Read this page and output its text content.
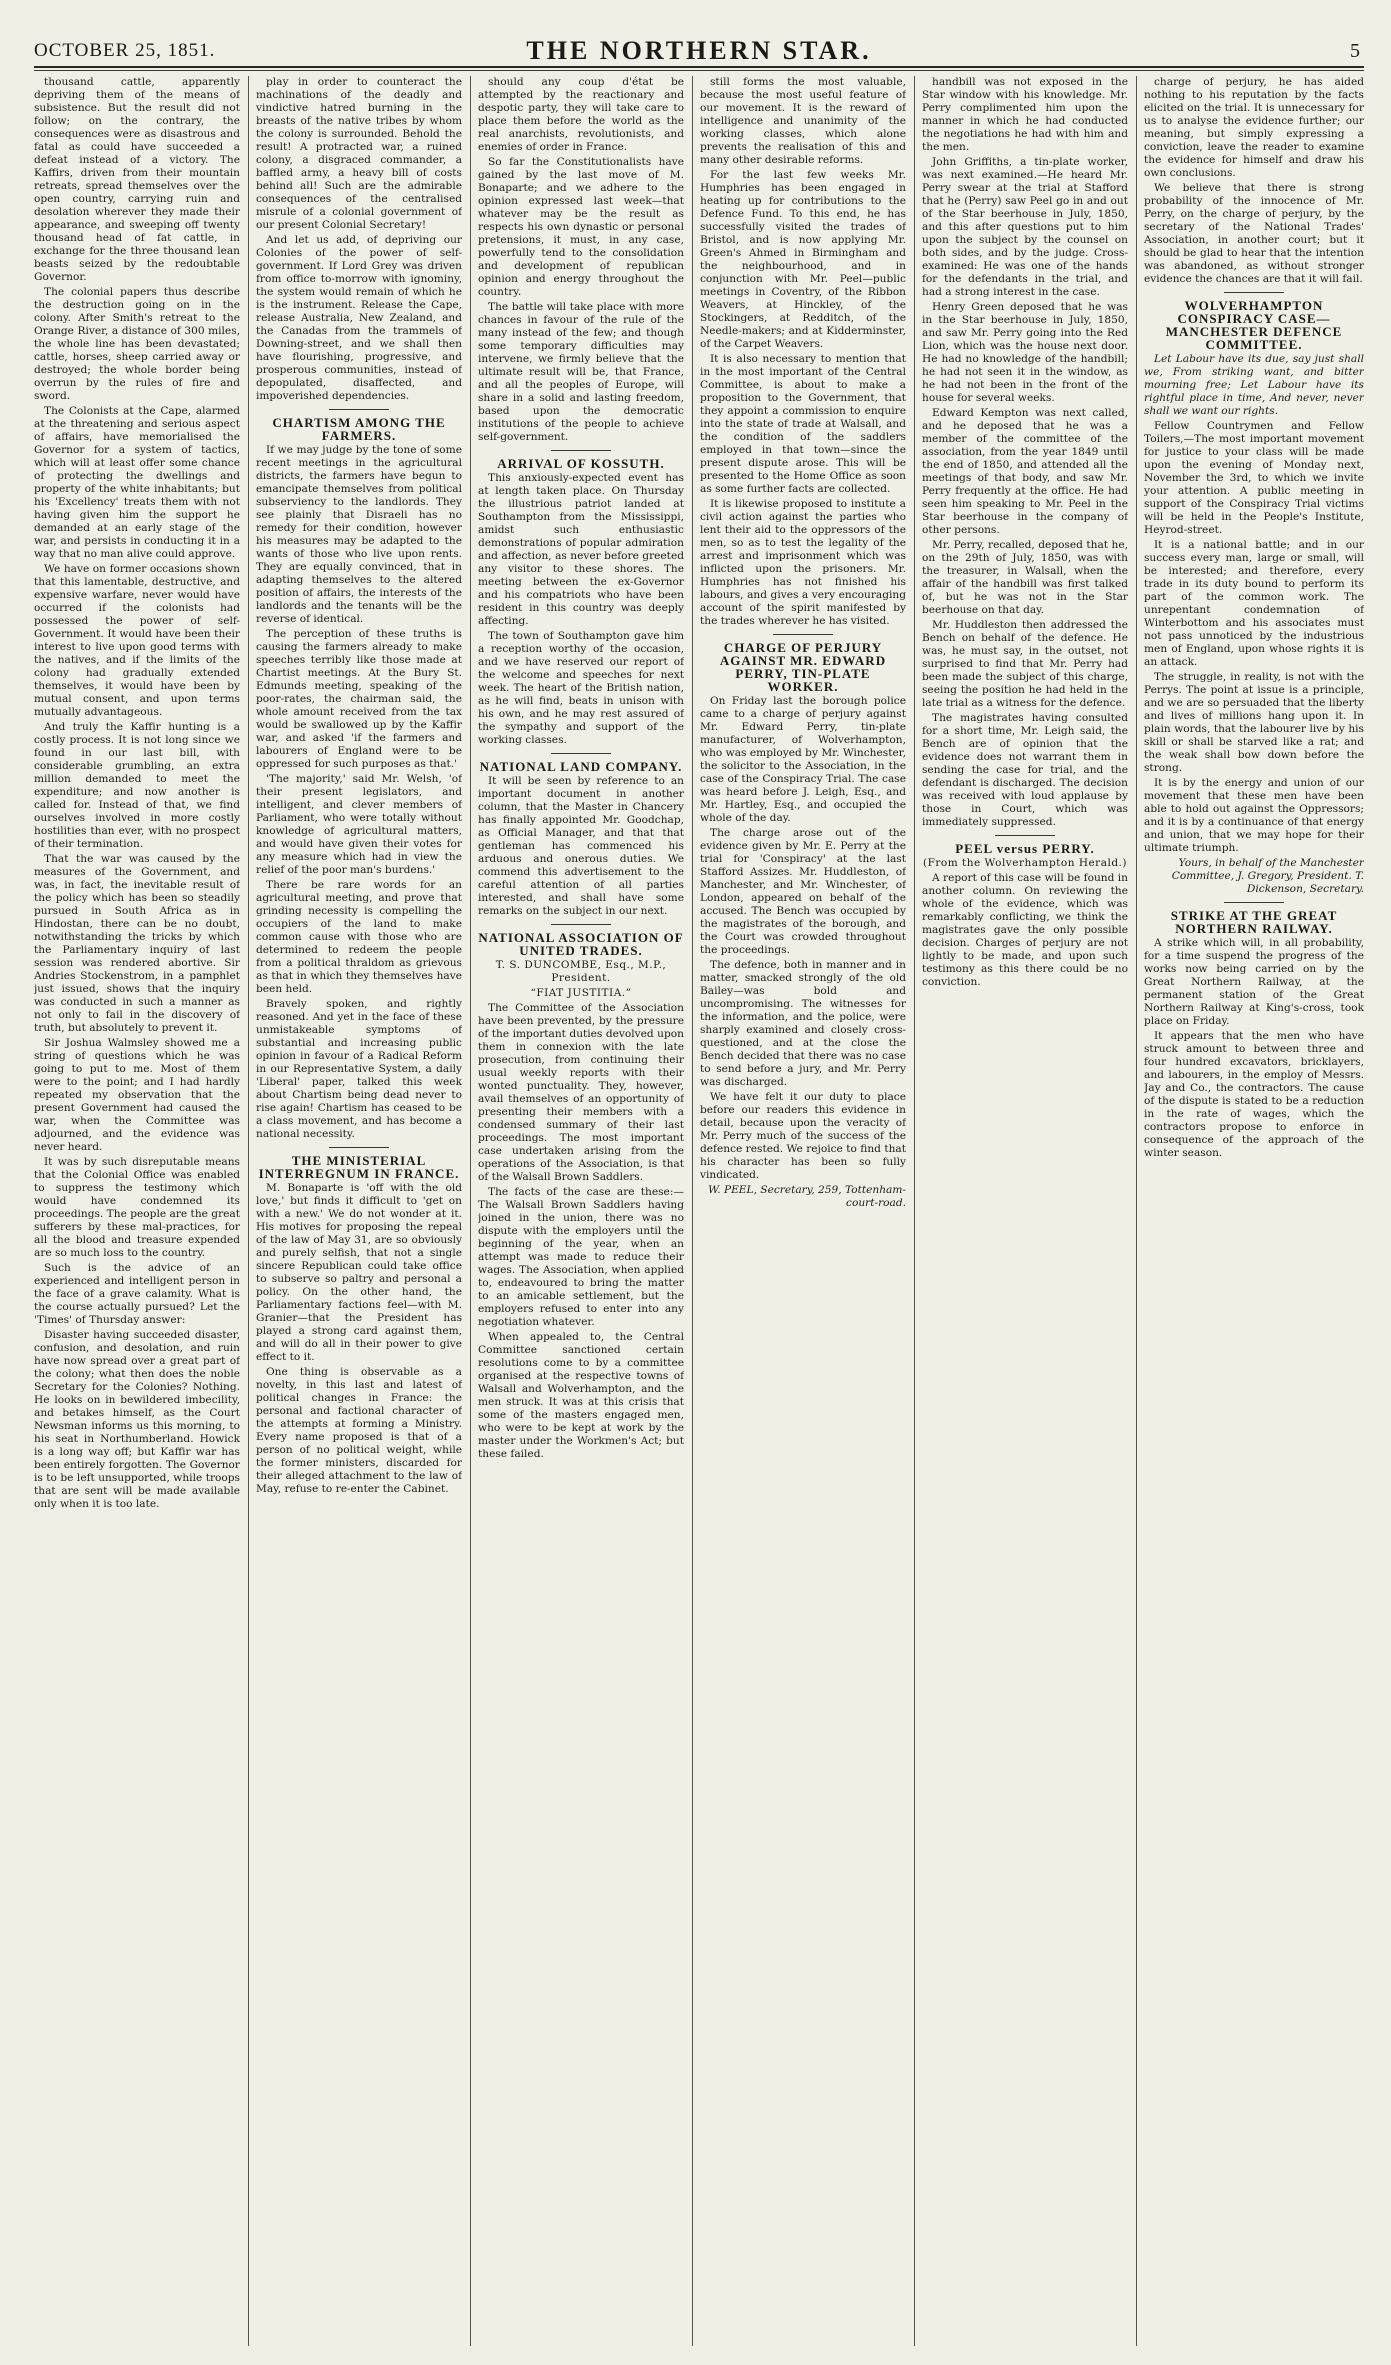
OCTOBER 25, 1851.	THE NORTHERN STAR.	5

thousand cattle, apparently depriving them of the means of subsistence. But the result did not follow; on the contrary, the consequences were as disastrous and fatal as could have succeeded a defeat instead of a victory. The Kaffirs, driven from their mountain retreats, spread themselves over the open country, carrying ruin and desolation wherever they made their appearance, and sweeping off twenty thousand head of fat cattle, in exchange for the three thousand lean beasts seized by the redoubtable Governor.

The colonial papers thus describe the destruction going on in the colony. After Smith's retreat to the Orange River, a distance of 300 miles, the whole line has been devastated; cattle, horses, sheep carried away or destroyed; the whole border being overrun by the rules of fire and sword.

The Colonists at the Cape, alarmed at the threatening and serious aspect of affairs, have memorialised the Governor for a system of tactics, which will at least offer some chance of protecting the dwellings and property of the white inhabitants; but his 'Excellency' treats them with not having given him the support he demanded at an early stage of the war, and persists in conducting it in a way that no man alive could approve.

We have on former occasions shown that this lamentable, destructive, and expensive warfare, never would have occurred if the colonists had possessed the power of self-Government. It would have been their interest to live upon good terms with the natives, and if the limits of the colony had gradually extended themselves, it would have been by mutual consent, and upon terms mutually advantageous.

And truly the Kaffir hunting is a costly process. It is not long since we found in our last bill, with considerable grumbling, an extra million demanded to meet the expenditure; and now another is called for. Instead of that, we find ourselves involved in more costly hostilities than ever, with no prospect of their termination.

That the war was caused by the measures of the Government, and was, in fact, the inevitable result of the policy which has been so steadily pursued in South Africa as in Hindostan, there can be no doubt, notwithstanding the tricks by which the Parliamentary inquiry of last session was rendered abortive. Sir Andries Stockenstrom, in a pamphlet just issued, shows that the inquiry was conducted in such a manner as not only to fail in the discovery of truth, but absolutely to prevent it.

Sir Joshua Walmsley showed me a string of questions which he was going to put to me. Most of them were to the point; and I had hardly repeated my observation that the present Government had caused the war, when the Committee was adjourned, and the evidence was never heard.

It was by such disreputable means that the Colonial Office was enabled to suppress the testimony which would have condemned its proceedings. The people are the great sufferers by these mal-practices, for all the blood and treasure expended are so much loss to the country.

Such is the advice of an experienced and intelligent person in the face of a grave calamity. What is the course actually pursued? Let the 'Times' of Thursday answer:

Disaster having succeeded disaster, confusion, and desolation, and ruin have now spread over a great part of the colony; what then does the noble Secretary for the Colonies? Nothing. He looks on in bewildered imbecility, and betakes himself, as the Court Newsman informs us this morning, to his seat in Northumberland. Howick is a long way off; but Kaffir war has been entirely forgotten. The Governor is to be left unsupported, while troops that are sent will be made available only when it is too late.

play in order to counteract the machinations of the deadly and vindictive hatred burning in the breasts of the native tribes by whom the colony is surrounded. Behold the result! A protracted war, a ruined colony, a disgraced commander, a baffled army, a heavy bill of costs behind all! Such are the admirable consequences of the centralised misrule of a colonial government of our present Colonial Secretary!

And let us add, of depriving our Colonies of the power of self-government. If Lord Grey was driven from office to-morrow with ignominy, the system would remain of which he is the instrument. Release the Cape, release Australia, New Zealand, and the Canadas from the trammels of Downing-street, and we shall then have flourishing, progressive, and prosperous communities, instead of depopulated, disaffected, and impoverished dependencies.

CHARTISM AMONG THE FARMERS.

If we may judge by the tone of some recent meetings in the agricultural districts, the farmers have begun to emancipate themselves from political subserviency to the landlords. They see plainly that Disraeli has no remedy for their condition, however his measures may be adapted to the wants of those who live upon rents. They are equally convinced, that in adapting themselves to the altered position of affairs, the interests of the landlords and the tenants will be the reverse of identical.

The perception of these truths is causing the farmers already to make speeches terribly like those made at Chartist meetings. At the Bury St. Edmunds meeting, speaking of the poor-rates, the chairman said, the whole amount received from the tax would be swallowed up by the Kaffir war, and asked 'if the farmers and labourers of England were to be oppressed for such purposes as that.'

'The majority,' said Mr. Welsh, 'of their present legislators, and intelligent, and clever members of Parliament, who were totally without knowledge of agricultural matters, and would have given their votes for any measure which had in view the relief of the poor man's burdens.'

There be rare words for an agricultural meeting, and prove that grinding necessity is compelling the occupiers of the land to make common cause with those who are determined to redeem the people from a political thraldom as grievous as that in which they themselves have been held.

Bravely spoken, and rightly reasoned. And yet in the face of these unmistakeable symptoms of substantial and increasing public opinion in favour of a Radical Reform in our Representative System, a daily 'Liberal' paper, talked this week about Chartism being dead never to rise again! Chartism has ceased to be a class movement, and has become a national necessity.

THE MINISTERIAL INTERREGNUM IN FRANCE.

M. Bonaparte is 'off with the old love,' but finds it difficult to 'get on with a new.' We do not wonder at it. His motives for proposing the repeal of the law of May 31, are so obviously and purely selfish, that not a single sincere Republican could take office to subserve so paltry and personal a policy. On the other hand, the Parliamentary factions feel—with M. Granier—that the President has played a strong card against them, and will do all in their power to give effect to it.

One thing is observable as a novelty, in this last and latest of political changes in France: the personal and factional character of the attempts at forming a Ministry. Every name proposed is that of a person of no political weight, while the former ministers, discarded for their alleged attachment to the law of May, refuse to re-enter the Cabinet.

should any coup d'état be attempted by the reactionary and despotic party, they will take care to place them before the world as the real anarchists, revolutionists, and enemies of order in France.

So far the Constitutionalists have gained by the last move of M. Bonaparte; and we adhere to the opinion expressed last week—that whatever may be the result as respects his own dynastic or personal pretensions, it must, in any case, powerfully tend to the consolidation and development of republican opinion and energy throughout the country.

The battle will take place with more chances in favour of the rule of the many instead of the few; and though some temporary difficulties may intervene, we firmly believe that the ultimate result will be, that France, and all the peoples of Europe, will share in a solid and lasting freedom, based upon the democratic institutions of the people to achieve self-government.

ARRIVAL OF KOSSUTH.

This anxiously-expected event has at length taken place. On Thursday the illustrious patriot landed at Southampton from the Mississippi, amidst such enthusiastic demonstrations of popular admiration and affection, as never before greeted any visitor to these shores. The meeting between the ex-Governor and his compatriots who have been resident in this country was deeply affecting.

The town of Southampton gave him a reception worthy of the occasion, and we have reserved our report of the welcome and speeches for next week. The heart of the British nation, as he will find, beats in unison with his own, and he may rest assured of the sympathy and support of the working classes.

NATIONAL LAND COMPANY.

It will be seen by reference to an important document in another column, that the Master in Chancery has finally appointed Mr. Goodchap, as Official Manager, and that that gentleman has commenced his arduous and onerous duties. We commend this advertisement to the careful attention of all parties interested, and shall have some remarks on the subject in our next.

NATIONAL ASSOCIATION OF UNITED TRADES.

T. S. DUNCOMBE, Esq., M.P., President.

“FIAT JUSTITIA.”

The Committee of the Association have been prevented, by the pressure of the important duties devolved upon them in connexion with the late prosecution, from continuing their usual weekly reports with their wonted punctuality. They, however, avail themselves of an opportunity of presenting their members with a condensed summary of their last proceedings. The most important case undertaken arising from the operations of the Association, is that of the Walsall Brown Saddlers.

The facts of the case are these:— The Walsall Brown Saddlers having joined in the union, there was no dispute with the employers until the beginning of the year, when an attempt was made to reduce their wages. The Association, when applied to, endeavoured to bring the matter to an amicable settlement, but the employers refused to enter into any negotiation whatever.

When appealed to, the Central Committee sanctioned certain resolutions come to by a committee organised at the respective towns of Walsall and Wolverhampton, and the men struck. It was at this crisis that some of the masters engaged men, who were to be kept at work by the master under the Workmen's Act; but these failed.

still forms the most valuable, because the most useful feature of our movement. It is the reward of intelligence and unanimity of the working classes, which alone prevents the realisation of this and many other desirable reforms.

For the last few weeks Mr. Humphries has been engaged in heating up for contributions to the Defence Fund. To this end, he has successfully visited the trades of Bristol, and is now applying Mr. Green's Ahmed in Birmingham and the neighbourhood, and in conjunction with Mr. Peel—public meetings in Coventry, of the Ribbon Weavers, at Hinckley, of the Stockingers, at Redditch, of the Needle-makers; and at Kidderminster, of the Carpet Weavers.

It is also necessary to mention that in the most important of the Central Committee, is about to make a proposition to the Government, that they appoint a commission to enquire into the state of trade at Walsall, and the condition of the saddlers employed in that town—since the present dispute arose. This will be presented to the Home Office as soon as some further facts are collected.

It is likewise proposed to institute a civil action against the parties who lent their aid to the oppressors of the men, so as to test the legality of the arrest and imprisonment which was inflicted upon the prisoners. Mr. Humphries has not finished his labours, and gives a very encouraging account of the spirit manifested by the trades wherever he has visited.

CHARGE OF PERJURY AGAINST MR. EDWARD PERRY, TIN-PLATE WORKER.

On Friday last the borough police came to a charge of perjury against Mr. Edward Perry, tin-plate manufacturer, of Wolverhampton, who was employed by Mr. Winchester, the solicitor to the Association, in the case of the Conspiracy Trial. The case was heard before J. Leigh, Esq., and Mr. Hartley, Esq., and occupied the whole of the day.

The charge arose out of the evidence given by Mr. E. Perry at the trial for 'Conspiracy' at the last Stafford Assizes. Mr. Huddleston, of Manchester, and Mr. Winchester, of London, appeared on behalf of the accused. The Bench was occupied by the magistrates of the borough, and the Court was crowded throughout the proceedings.

The defence, both in manner and in matter, smacked strongly of the old Bailey—was bold and uncompromising. The witnesses for the information, and the police, were sharply examined and closely cross-questioned, and at the close the Bench decided that there was no case to send before a jury, and Mr. Perry was discharged.

We have felt it our duty to place before our readers this evidence in detail, because upon the veracity of Mr. Perry much of the success of the defence rested. We rejoice to find that his character has been so fully vindicated.

W. PEEL, Secretary, 259, Tottenham-court-road.

handbill was not exposed in the Star window with his knowledge. Mr. Perry complimented him upon the manner in which he had conducted the negotiations he had with him and the men.

John Griffiths, a tin-plate worker, was next examined.—He heard Mr. Perry swear at the trial at Stafford that he (Perry) saw Peel go in and out of the Star beerhouse in July, 1850, and this after questions put to him upon the subject by the counsel on both sides, and by the judge. Cross-examined: He was one of the hands for the defendants in the trial, and had a strong interest in the case.

Henry Green deposed that he was in the Star beerhouse in July, 1850, and saw Mr. Perry going into the Red Lion, which was the house next door. He had no knowledge of the handbill; he had not seen it in the window, as he had not been in the front of the house for several weeks.

Edward Kempton was next called, and he deposed that he was a member of the committee of the association, from the year 1849 until the end of 1850, and attended all the meetings of that body, and saw Mr. Perry frequently at the office. He had seen him speaking to Mr. Peel in the Star beerhouse in the company of other persons.

Mr. Perry, recalled, deposed that he, on the 29th of July, 1850, was with the treasurer, in Walsall, when the affair of the handbill was first talked of, but he was not in the Star beerhouse on that day.

Mr. Huddleston then addressed the Bench on behalf of the defence. He was, he must say, in the outset, not surprised to find that Mr. Perry had been made the subject of this charge, seeing the position he had held in the late trial as a witness for the defence.

The magistrates having consulted for a short time, Mr. Leigh said, the Bench are of opinion that the evidence does not warrant them in sending the case for trial, and the defendant is discharged. The decision was received with loud applause by those in Court, which was immediately suppressed.

PEEL versus PERRY.

(From the Wolverhampton Herald.)

A report of this case will be found in another column. On reviewing the whole of the evidence, which was remarkably conflicting, we think the magistrates gave the only possible decision. Charges of perjury are not lightly to be made, and upon such testimony as this there could be no conviction.

charge of perjury, he has aided nothing to his reputation by the facts elicited on the trial. It is unnecessary for us to analyse the evidence further; our meaning, but simply expressing a conviction, leave the reader to examine the evidence for himself and draw his own conclusions.

We believe that there is strong probability of the innocence of Mr. Perry, on the charge of perjury, by the secretary of the National Trades' Association, in another court; but it should be glad to hear that the intention was abandoned, as without stronger evidence the chances are that it will fail.

WOLVERHAMPTON CONSPIRACY CASE— MANCHESTER DEFENCE COMMITTEE.

Let Labour have its due, say just shall we, From striking want, and bitter mourning free; Let Labour have its rightful place in time, And never, never shall we want our rights.

Fellow Countrymen and Fellow Toilers,—The most important movement for justice to your class will be made upon the evening of Monday next, November the 3rd, to which we invite your attention. A public meeting in support of the Conspiracy Trial victims will be held in the People's Institute, Heyrod-street.

It is a national battle; and in our success every man, large or small, will be interested; and therefore, every trade in its duty bound to perform its part of the common work. The unrepentant condemnation of Winterbottom and his associates must not pass unnoticed by the industrious men of England, upon whose rights it is an attack.

The struggle, in reality, is not with the Perrys. The point at issue is a principle, and we are so persuaded that the liberty and lives of millions hang upon it. In plain words, that the labourer live by his skill or shall be starved like a rat; and the weak shall bow down before the strong.

It is by the energy and union of our movement that these men have been able to hold out against the Oppressors; and it is by a continuance of that energy and union, that we may hope for their ultimate triumph.

Yours, in behalf of the Manchester Committee, J. Gregory, President. T. Dickenson, Secretary.

STRIKE AT THE GREAT NORTHERN RAILWAY.

A strike which will, in all probability, for a time suspend the progress of the works now being carried on by the Great Northern Railway, at the permanent station of the Great Northern Railway at King's-cross, took place on Friday.

It appears that the men who have struck amount to between three and four hundred excavators, bricklayers, and labourers, in the employ of Messrs. Jay and Co., the contractors. The cause of the dispute is stated to be a reduction in the rate of wages, which the contractors propose to enforce in consequence of the approach of the winter season.
